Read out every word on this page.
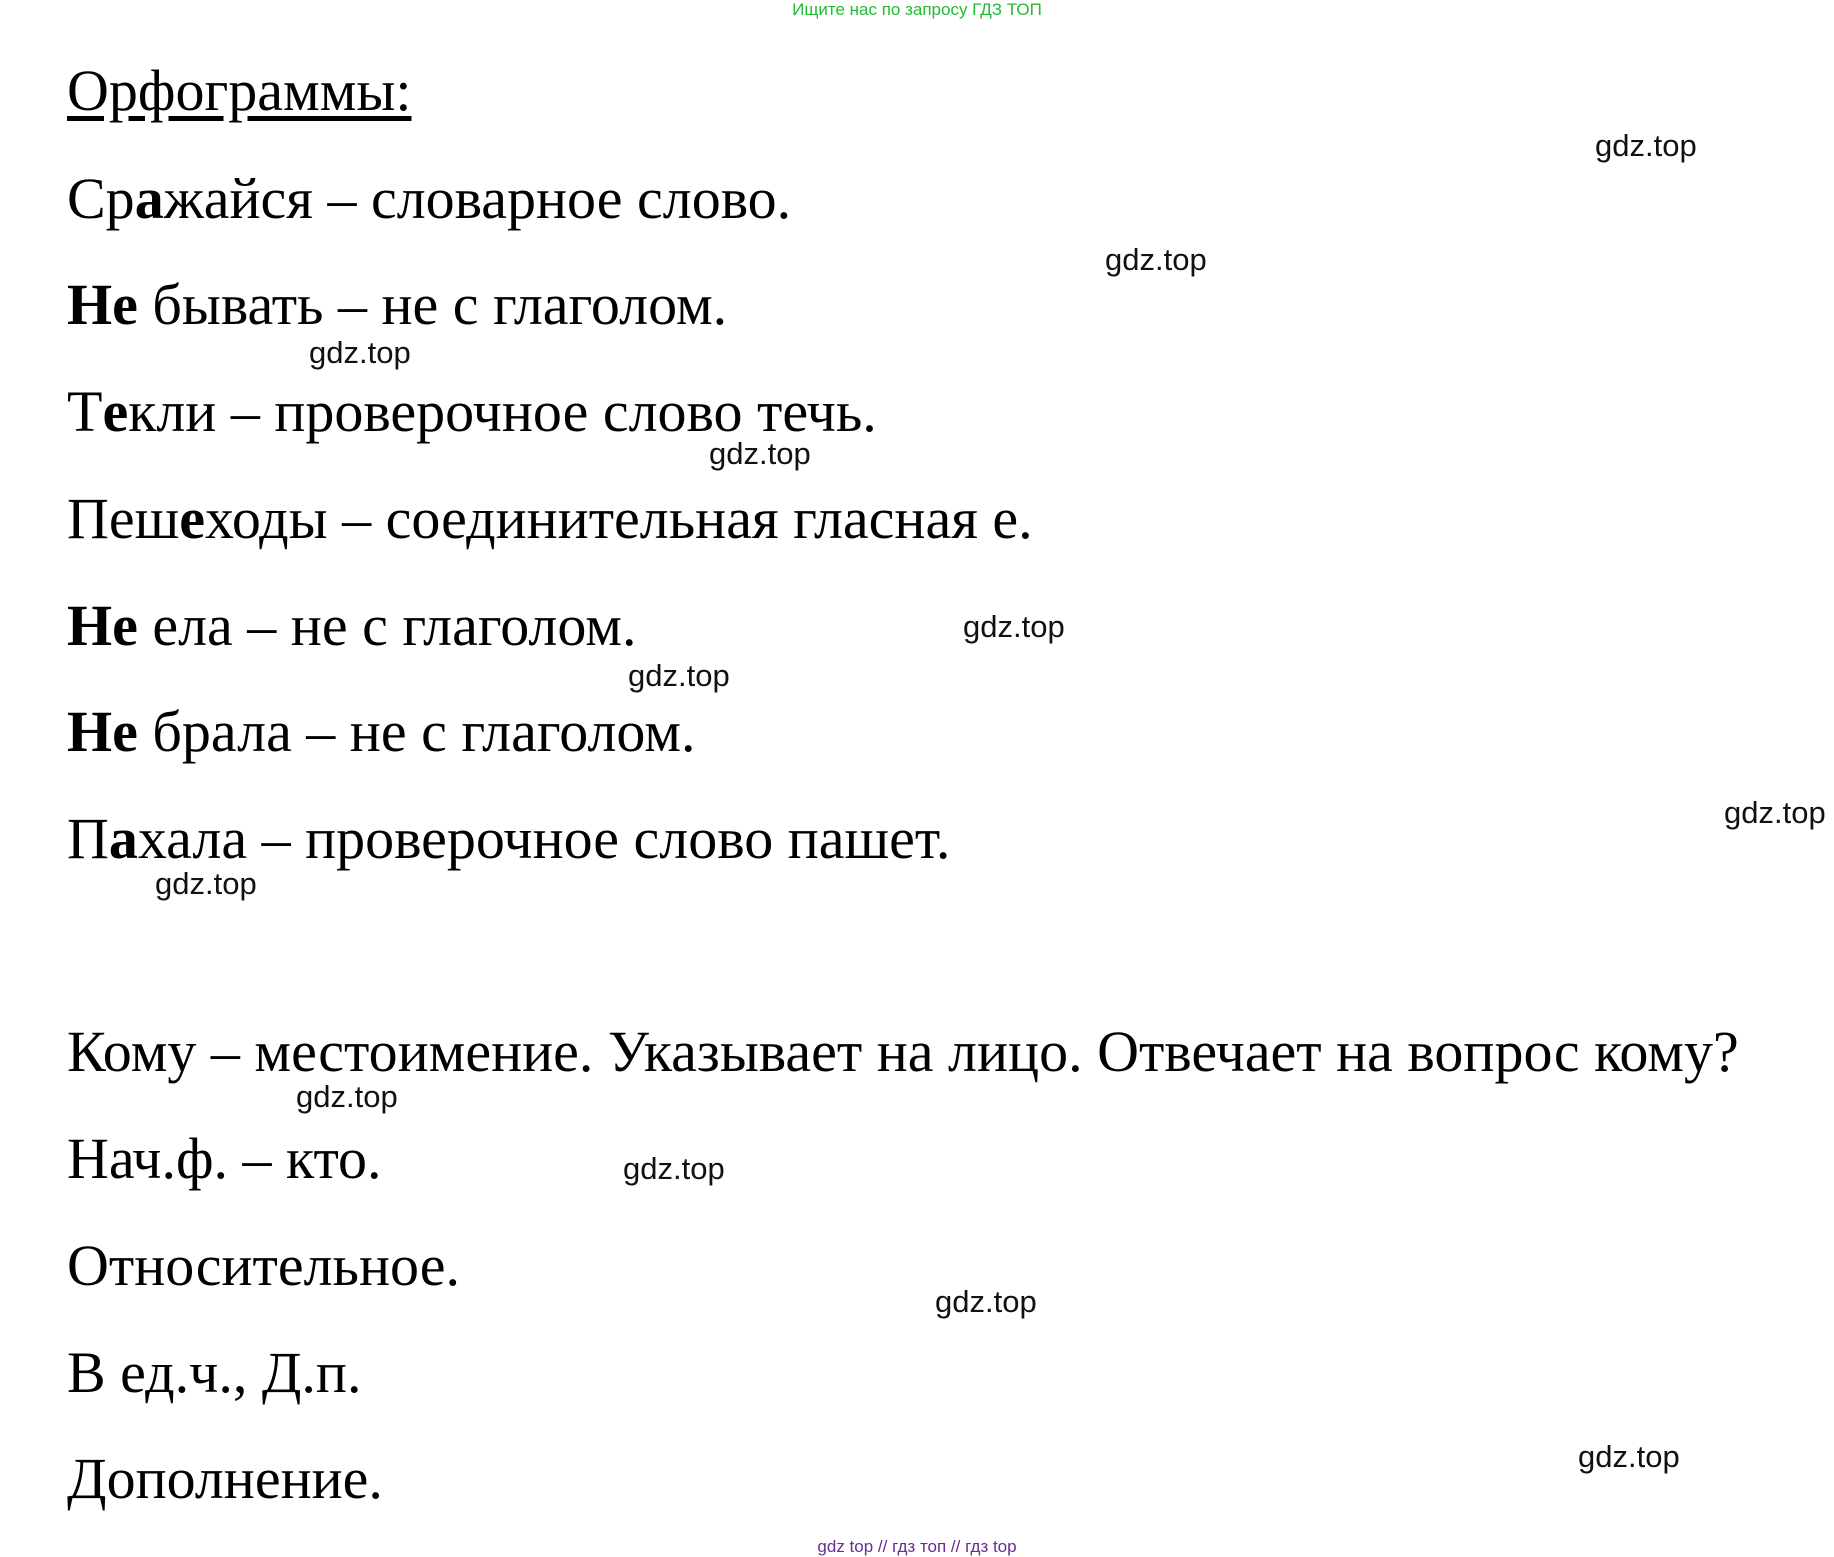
Ищите нас по запросу ГДЗ ТОП
Орфограммы:
Сражайся – словарное слово.
Не бывать – не с глаголом.
Текли – проверочное слово течь.
Пешеходы – соединительная гласная е.
Не ела – не с глаголом.
Не брала – не с глаголом.
Пахала – проверочное слово пашет.
Кому – местоимение. Указывает на лицо. Отвечает на вопрос кому?
Нач.ф. – кто.
Относительное.
В ед.ч., Д.п.
Дополнение.
gdz.top
gdz.top
gdz.top
gdz.top
gdz.top
gdz.top
gdz.top
gdz.top
gdz.top
gdz.top
gdz.top
gdz.top
gdz top // гдз топ // гдз top
